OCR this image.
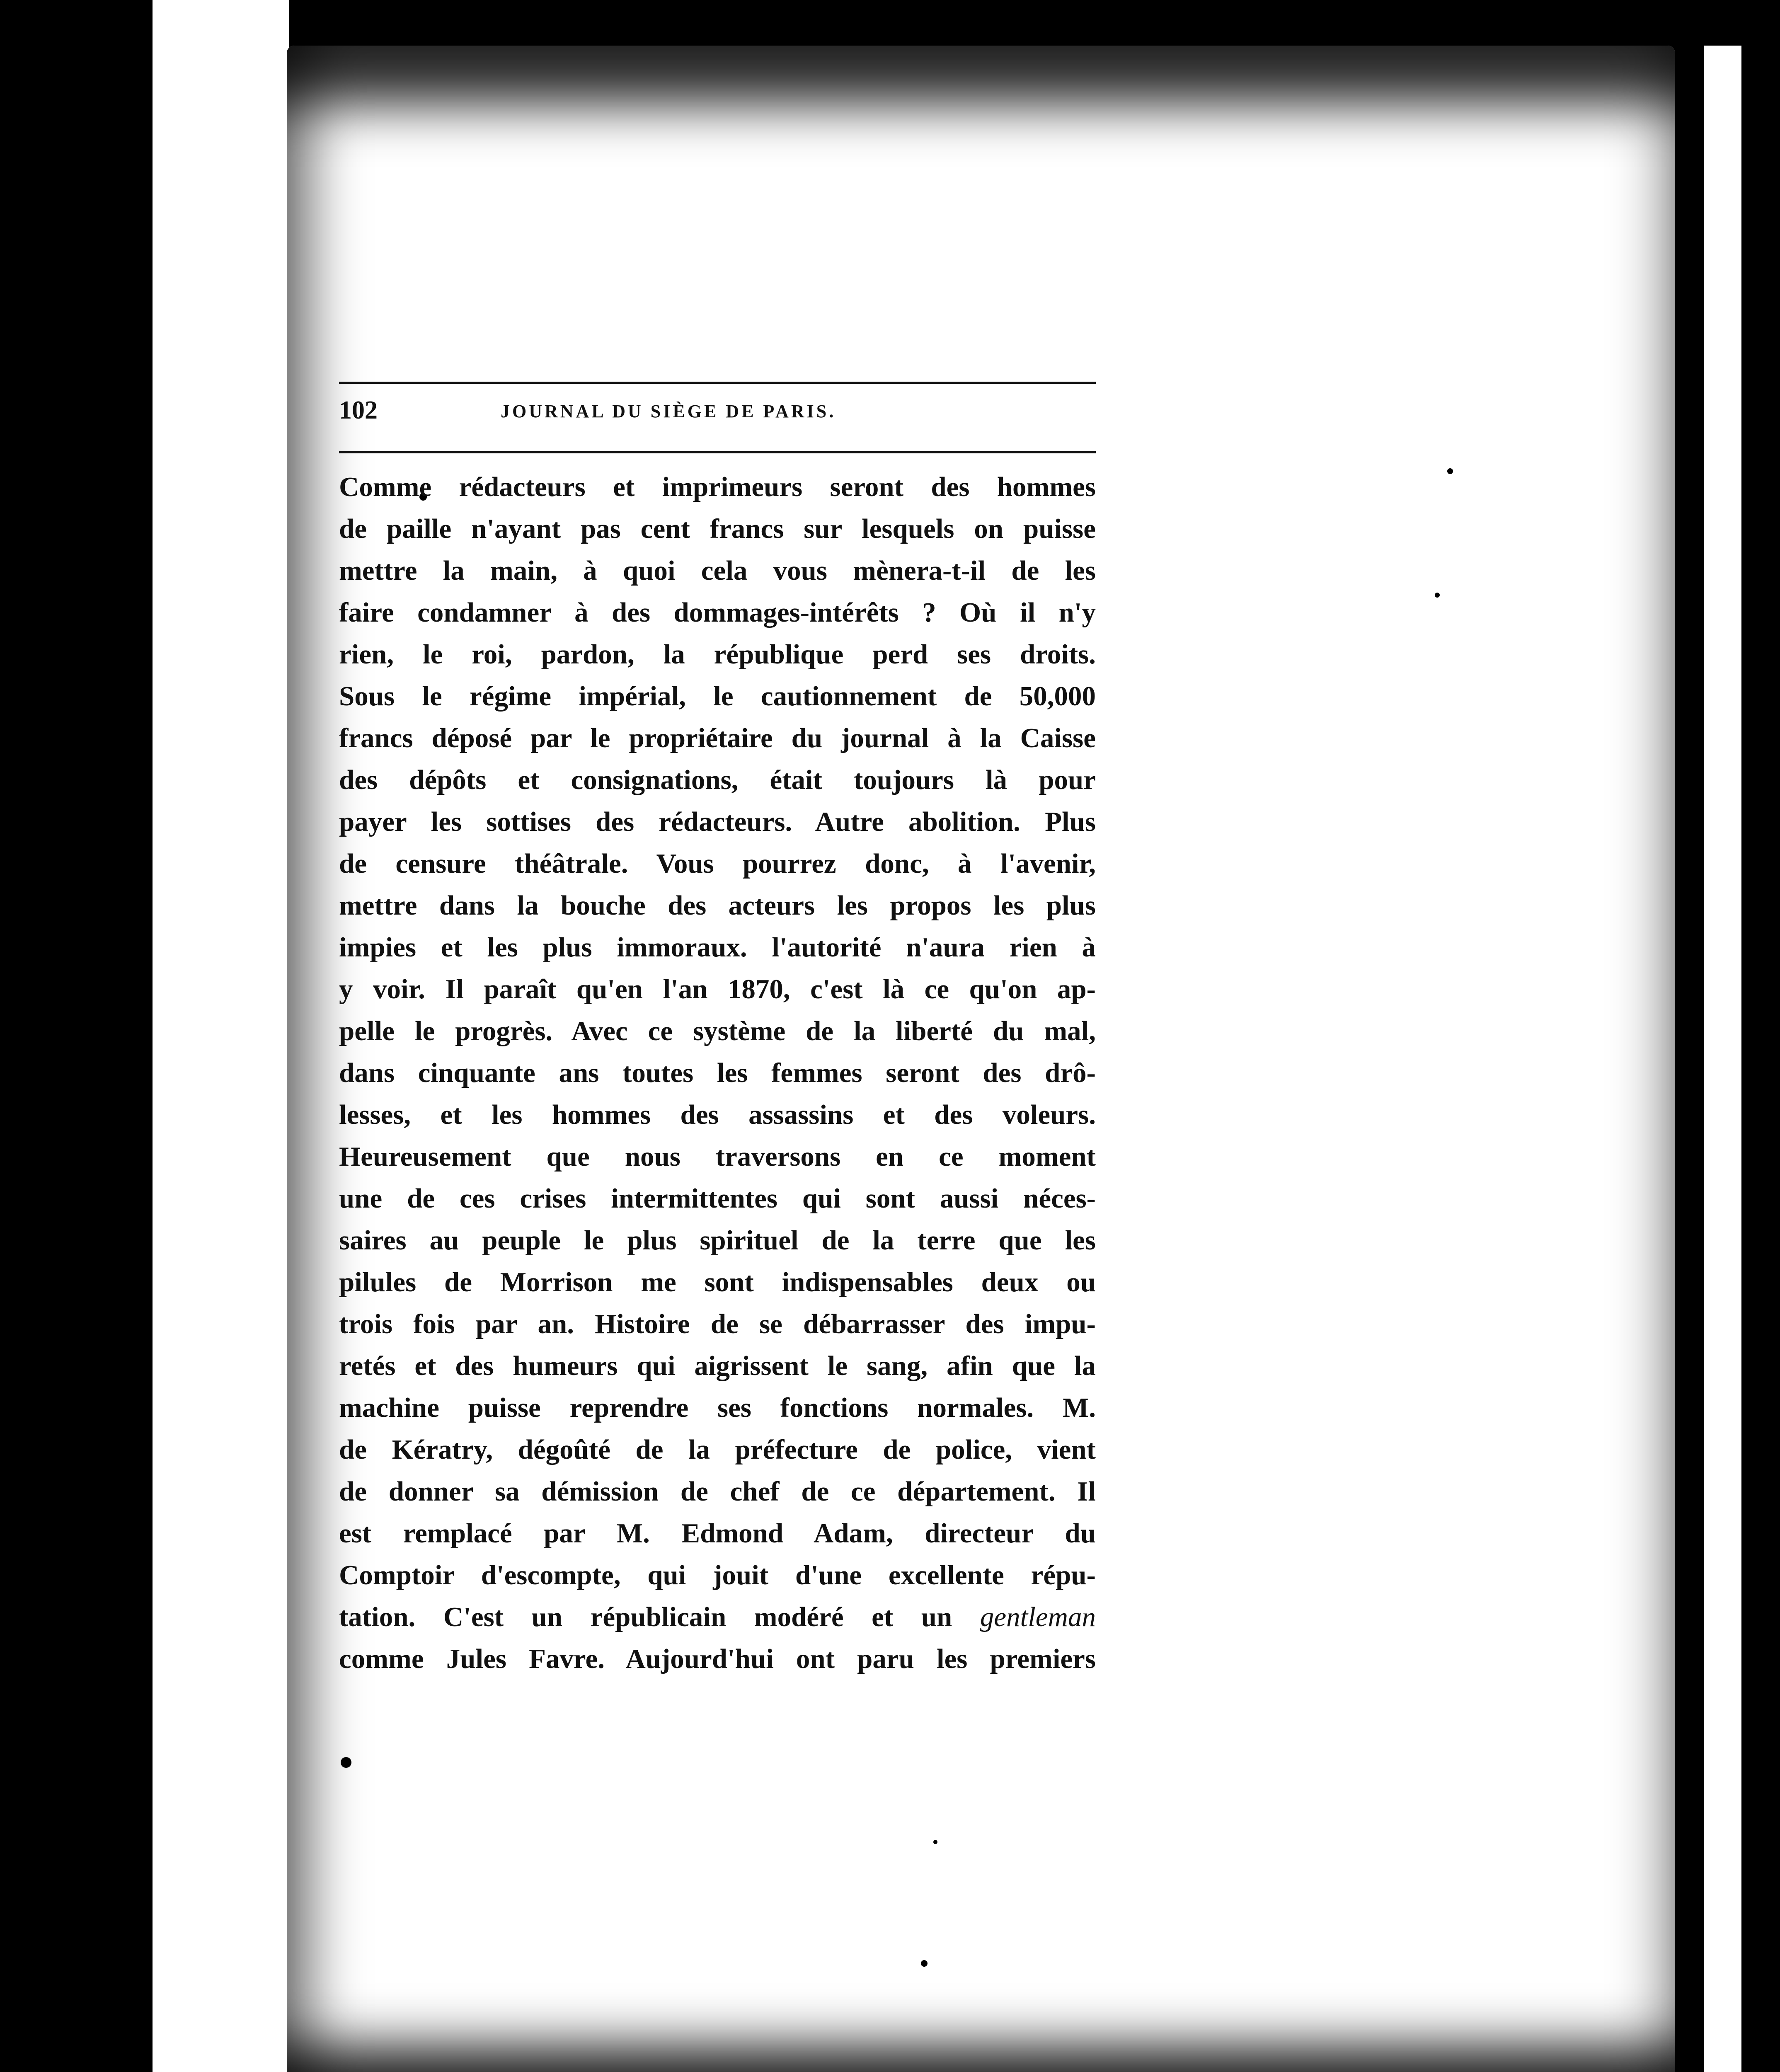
102	JOURNAL DU SIÈGE DE PARIS.
Comme rédacteurs et imprimeurs seront des hommes
de paille n'ayant pas cent francs sur lesquels on puisse
mettre la main, à quoi cela vous mènera-t-il de les
faire condamner à des dommages-intérêts ? Où il n'y
rien, le roi, pardon, la république perd ses droits.
Sous le régime impérial, le cautionnement de 50,000
francs déposé par le propriétaire du journal à la Caisse
des dépôts et consignations, était toujours là pour
payer les sottises des rédacteurs. Autre abolition. Plus
de censure théâtrale. Vous pourrez donc, à l'avenir,
mettre dans la bouche des acteurs les propos les plus
impies et les plus immoraux. l'autorité n'aura rien à
y voir. Il paraît qu'en l'an 1870, c'est là ce qu'on ap-
pelle le progrès. Avec ce système de la liberté du mal,
dans cinquante ans toutes les femmes seront des drô-
lesses, et les hommes des assassins et des voleurs.
Heureusement que nous traversons en ce moment
une de ces crises intermittentes qui sont aussi néces-
saires au peuple le plus spirituel de la terre que les
pilules de Morrison me sont indispensables deux ou
trois fois par an. Histoire de se débarrasser des impu-
retés et des humeurs qui aigrissent le sang, afin que la
machine puisse reprendre ses fonctions normales. M.
de Kératry, dégoûté de la préfecture de police, vient
de donner sa démission de chef de ce département. Il
est remplacé par M. Edmond Adam, directeur du
Comptoir d'escompte, qui jouit d'une excellente répu-
tation. C'est un républicain modéré et un gentleman
comme Jules Favre. Aujourd'hui ont paru les premiers
